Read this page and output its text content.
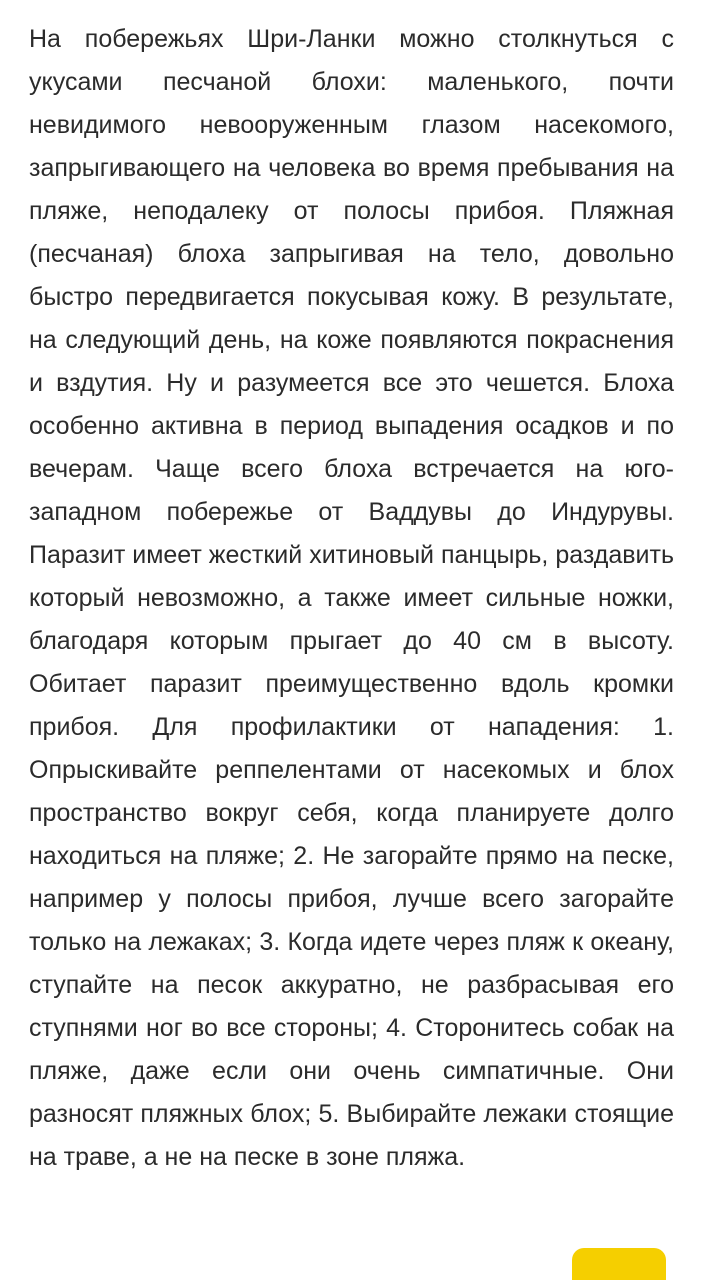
На побережьях Шри-Ланки можно столкнуться с укусами песчаной блохи: маленького, почти невидимого невооруженным глазом насекомого, запрыгивающего на человека во время пребывания на пляже, неподалеку от полосы прибоя. Пляжная (песчаная) блоха запрыгивая на тело, довольно быстро передвигается покусывая кожу. В результате, на следующий день, на коже появляются покраснения и вздутия. Ну и разумеется все это чешется. Блоха особенно активна в период выпадения осадков и по вечерам. Чаще всего блоха встречается на юго-западном побережье от Ваддувы до Индурувы. Паразит имеет жесткий хитиновый панцырь, раздавить который невозможно, а также имеет сильные ножки, благодаря которым прыгает до 40 см в высоту. Обитает паразит преимущественно вдоль кромки прибоя. Для профилактики от нападения: 1. Опрыскивайте реппелентами от насекомых и блох пространство вокруг себя, когда планируете долго находиться на пляже; 2. Не загорайте прямо на песке, например у полосы прибоя, лучше всего загорайте только на лежаках; 3. Когда идете через пляж к океану, ступайте на песок аккуратно, не разбрасывая его ступнями ног во все стороны; 4. Сторонитесь собак на пляже, даже если они очень симпатичные. Они разносят пляжных блох; 5. Выбирайте лежаки стоящие на траве, а не на песке в зоне пляжа.
